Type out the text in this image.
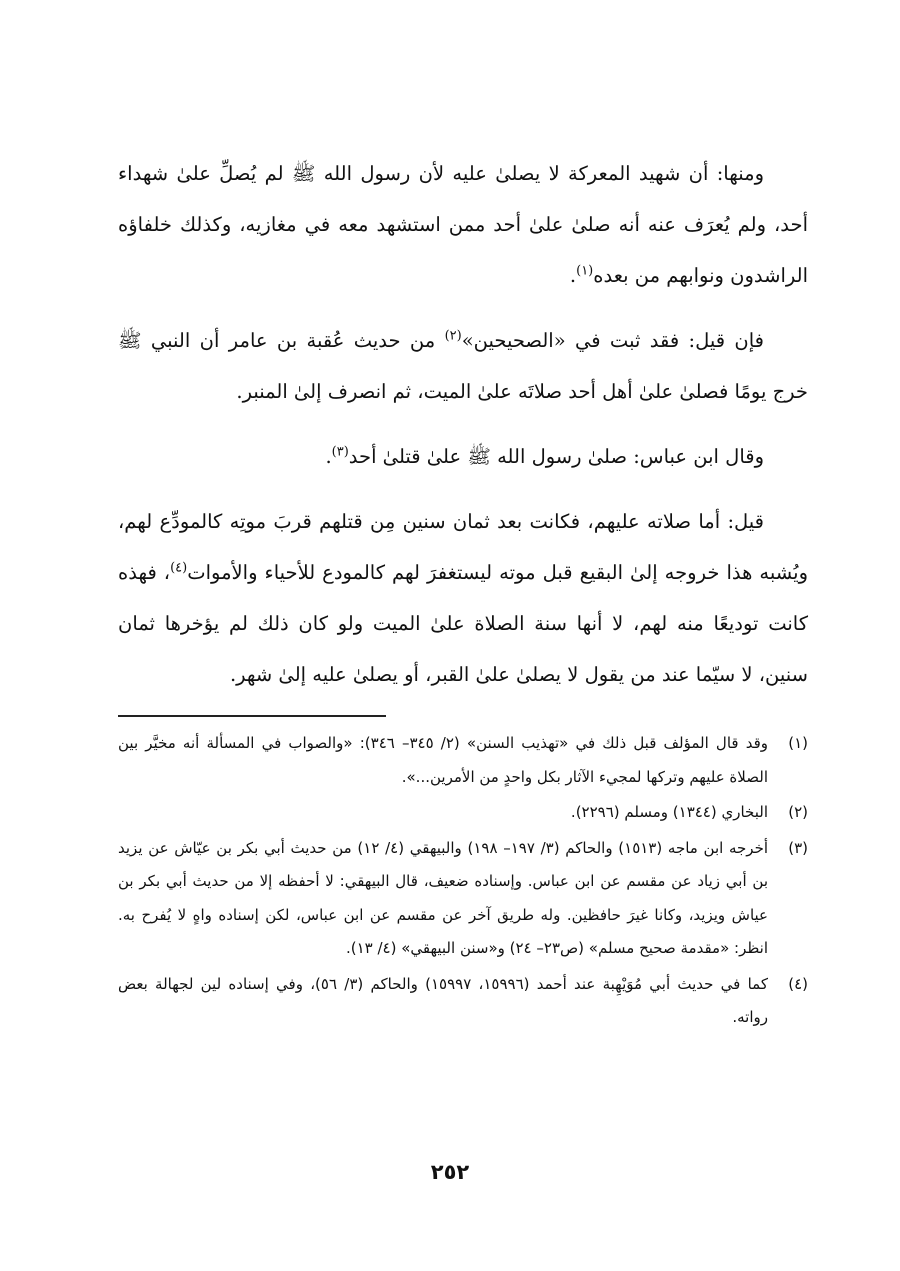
ومنها: أن شهيد المعركة لا يصلىٰ عليه لأن رسول الله ﷺ لم يُصلِّ علىٰ شهداء أحد، ولم يُعرَف عنه أنه صلىٰ علىٰ أحد ممن استشهد معه في مغازيه، وكذلك خلفاؤه الراشدون ونوابهم من بعده$^{(١)}$.

فإن قيل: فقد ثبت في «الصحيحين»$^{(٢)}$ من حديث عُقبة بن عامر أن النبي ﷺ خرج يومًا فصلىٰ علىٰ أهل أحد صلاتَه علىٰ الميت، ثم انصرف إلىٰ المنبر.

وقال ابن عباس: صلىٰ رسول الله ﷺ علىٰ قتلىٰ أحد$^{(٣)}$.

قيل: أما صلاته عليهم، فكانت بعد ثمان سنين مِن قتلهم قربَ موتِه كالمودِّع لهم، ويُشبه هذا خروجه إلىٰ البقيع قبل موته ليستغفرَ لهم كالمودع للأحياء والأموات$^{(٤)}$، فهذه كانت توديعًا منه لهم، لا أنها سنة الصلاة علىٰ الميت ولو كان ذلك لم يؤخرها ثمان سنين، لا سيّما عند من يقول لا يصلىٰ علىٰ القبر، أو يصلىٰ عليه إلىٰ شهر.

(١)
وقد قال المؤلف قبل ذلك في «تهذيب السنن» (٢/ ٣٤٥– ٣٤٦): «والصواب في المسألة أنه مخيَّر بين الصلاة عليهم وتركها لمجيء الآثار بكل واحدٍ من الأمرين...».
(٢)
البخاري (١٣٤٤) ومسلم (٢٢٩٦).
(٣)
أخرجه ابن ماجه (١٥١٣) والحاكم (٣/ ١٩٧– ١٩٨) والبيهقي (٤/ ١٢) من حديث أبي بكر بن عيّاش عن يزيد بن أبي زياد عن مقسم عن ابن عباس. وإسناده ضعيف، قال البيهقي: لا أحفظه إلا من حديث أبي بكر بن عياش ويزيد، وكانا غيرَ حافظين. وله طريق آخر عن مقسم عن ابن عباس، لكن إسناده واهٍ لا يُفرح به. انظر: «مقدمة صحيح مسلم» (ص٢٣– ٢٤) و«سنن البيهقي» (٤/ ١٣).
(٤)
كما في حديث أبي مُوَيْهِبة عند أحمد (١٥٩٩٦، ١٥٩٩٧) والحاكم (٣/ ٥٦)، وفي إسناده لين لجهالة بعض رواته.
٢٥٢
